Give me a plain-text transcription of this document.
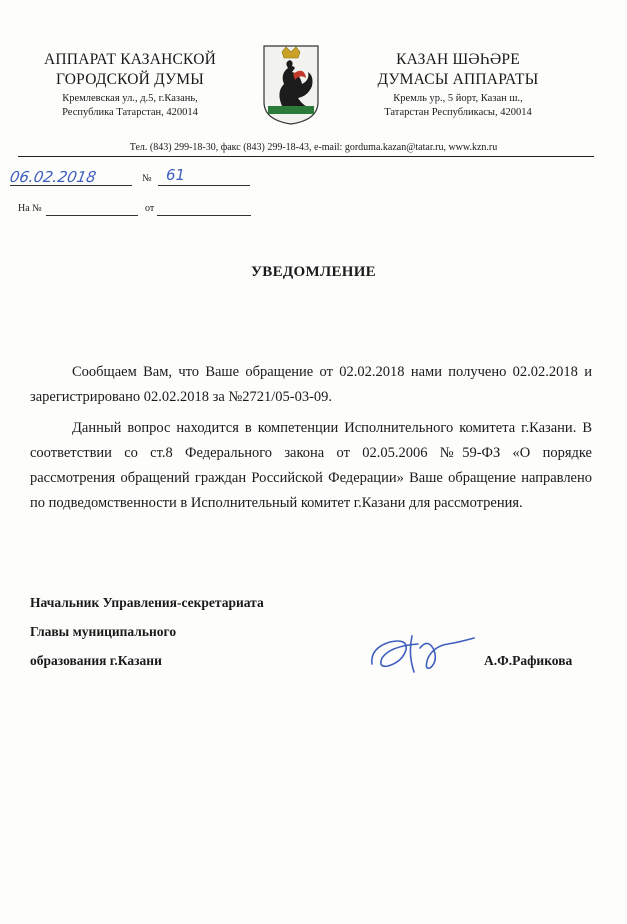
АППАРАТ КАЗАНСКОЙ
ГОРОДСКОЙ ДУМЫ
Кремлевская ул., д.5, г.Казань,
Республика Татарстан, 420014
КАЗАН ШӘҺӘРЕ
ДУМАСЫ АППАРАТЫ
Кремль ур., 5 йорт, Казан ш.,
Татарстан Республикасы, 420014
Тел. (843) 299-18-30, факс (843) 299-18-43, e-mail: gorduma.kazan@tatar.ru, www.kzn.ru
06.02.2018	№ 61
На №	от
УВЕДОМЛЕНИЕ
Сообщаем Вам, что Ваше обращение от 02.02.2018 нами получено 02.02.2018 и зарегистрировано 02.02.2018 за №2721/05-03-09.
Данный вопрос находится в компетенции Исполнительного комитета г.Казани. В соответствии со ст.8 Федерального закона от 02.05.2006 №59-ФЗ «О порядке рассмотрения обращений граждан Российской Федерации» Ваше обращение направлено по подведомственности в Исполнительный комитет г.Казани для рассмотрения.
Начальник Управления-секретариата
Главы муниципального
образования г.Казани	А.Ф.Рафикова
